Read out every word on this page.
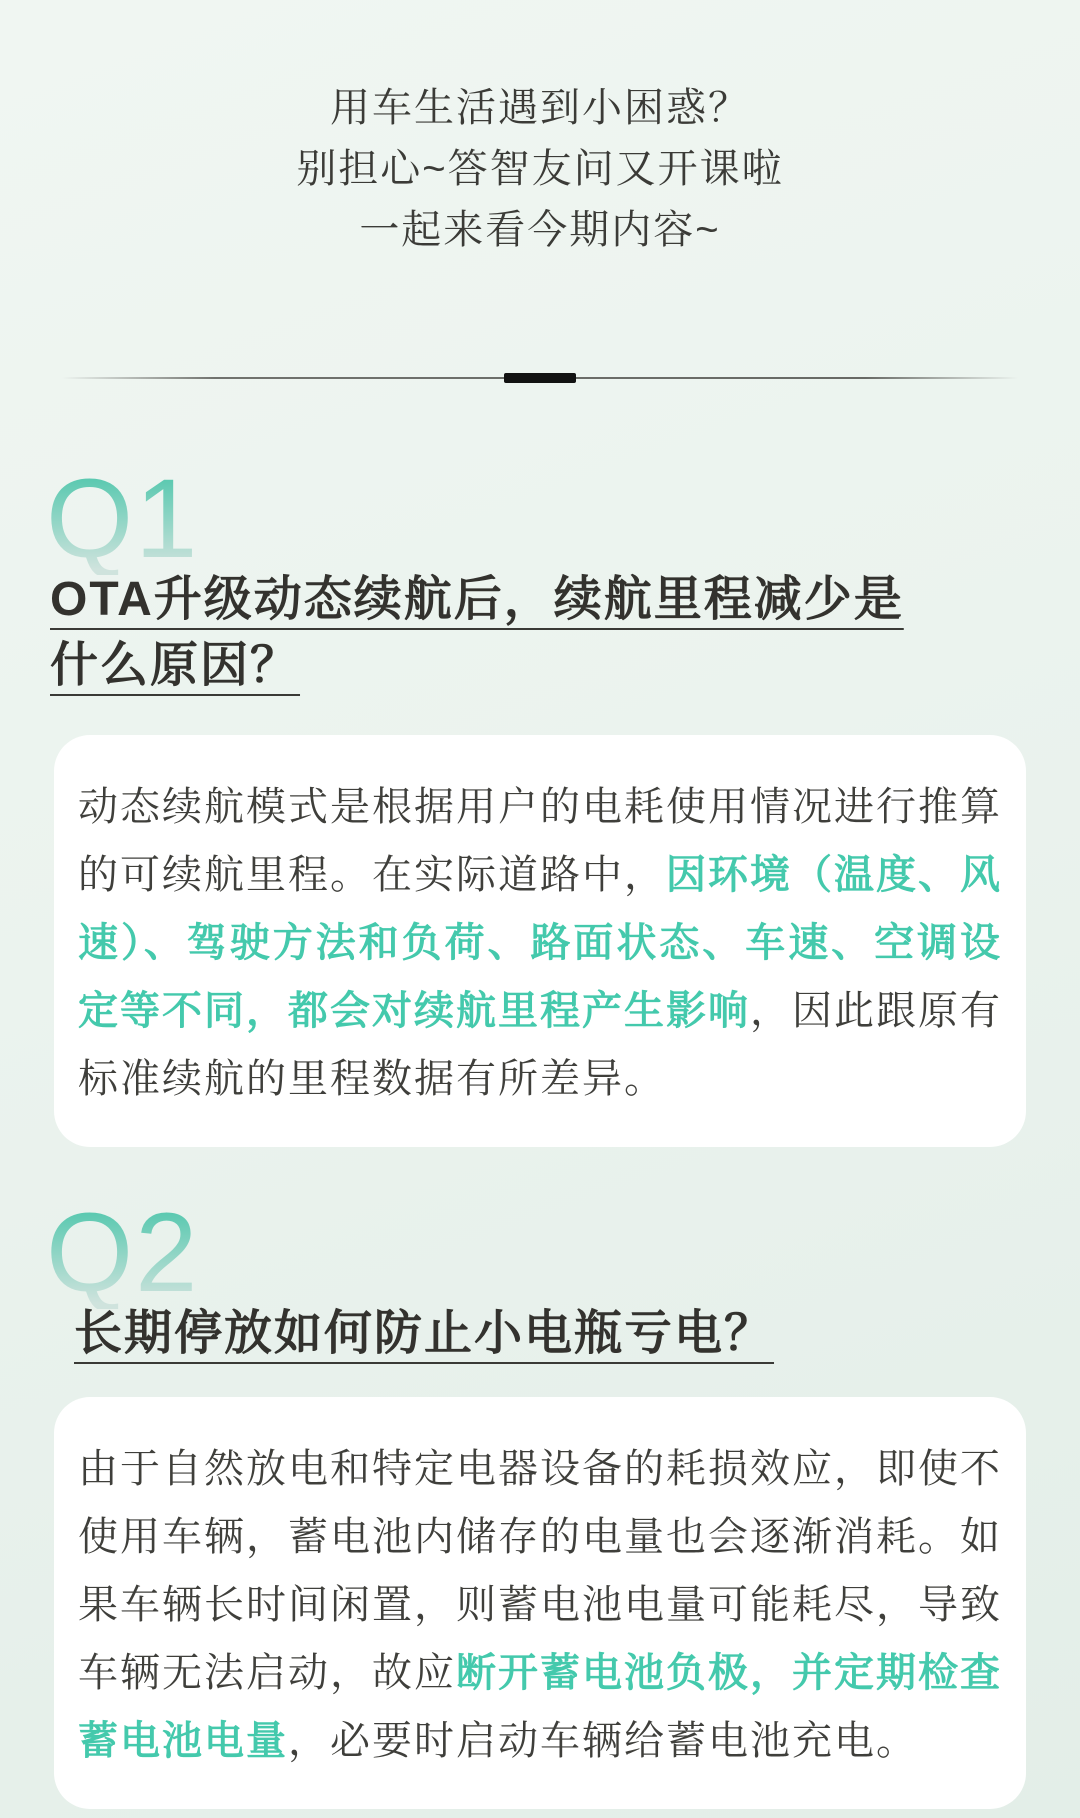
用车生活遇到小困惑？
别担心~答智友问又开课啦
一起来看今期内容~
Q1
OTA升级动态续航后，续航里程减少是什么原因？

动态续航模式是根据用户的电耗使用情况进行推算的可续航里程。在实际道路中，因环境（温度、风速）、驾驶方法和负荷、路面状态、车速、空调设定等不同，都会对续航里程产生影响，因此跟原有标准续航的里程数据有所差异。

Q2
长期停放如何防止小电瓶亏电？

由于自然放电和特定电器设备的耗损效应，即使不使用车辆，蓄电池内储存的电量也会逐渐消耗。如果车辆长时间闲置，则蓄电池电量可能耗尽，导致车辆无法启动，故应断开蓄电池负极，并定期检查蓄电池电量，必要时启动车辆给蓄电池充电。
